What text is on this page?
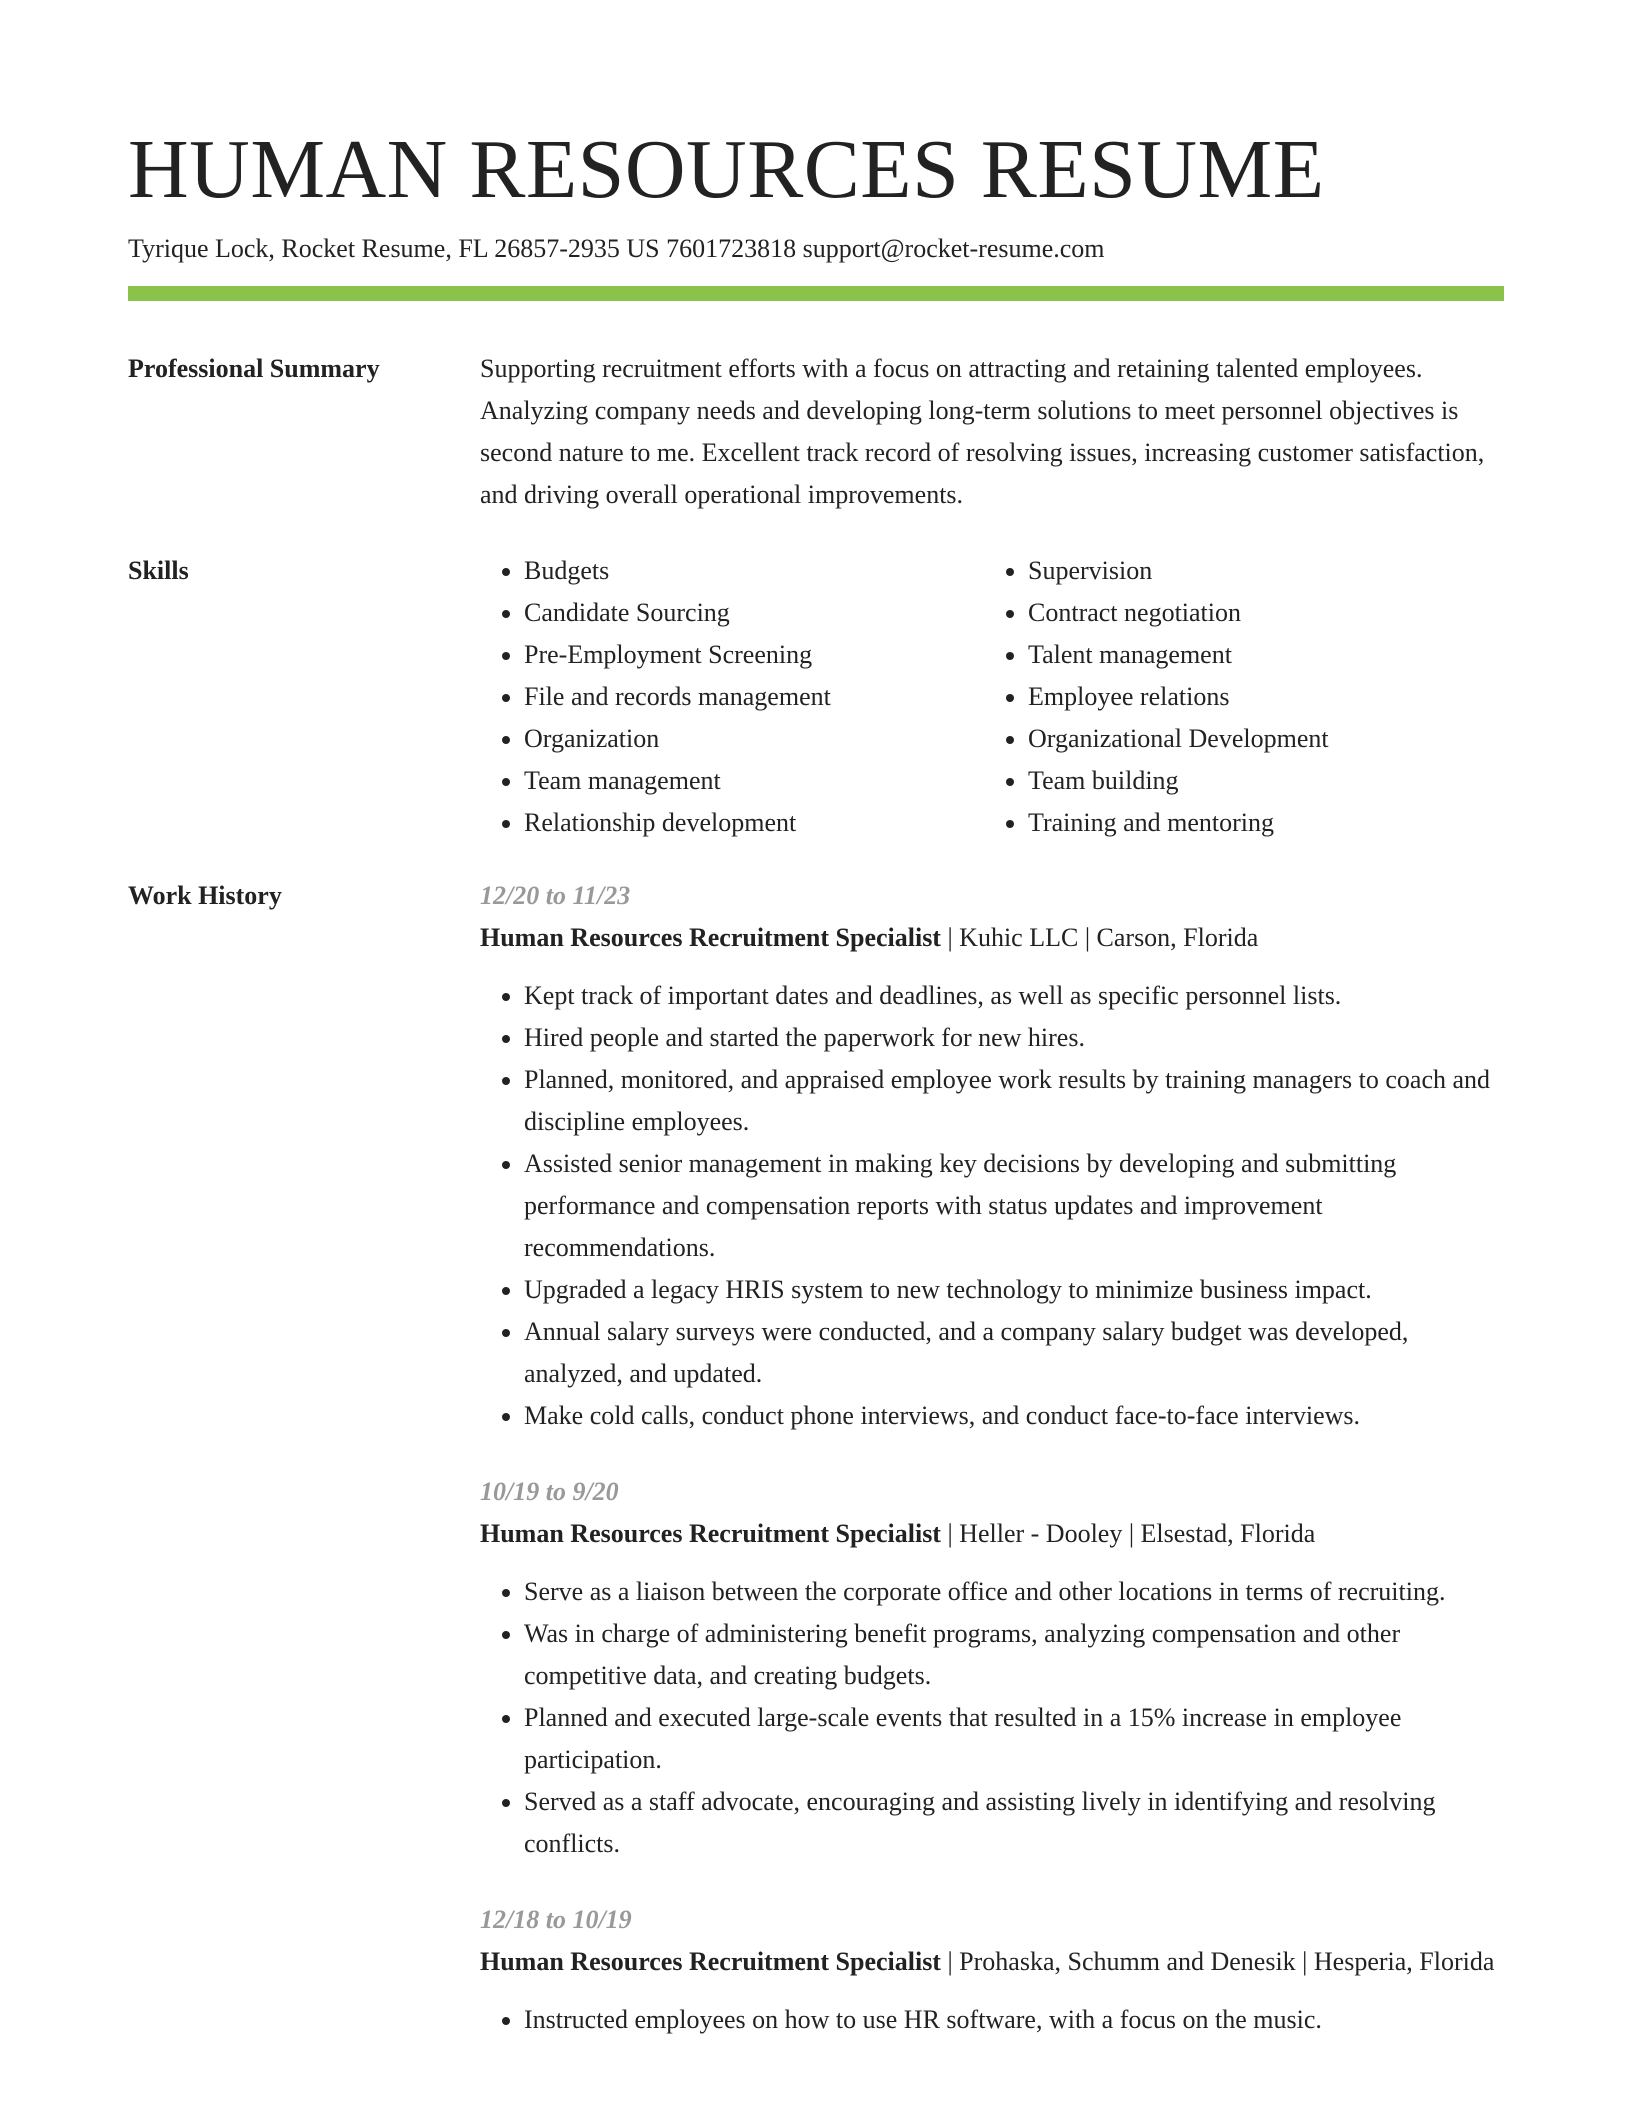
HUMAN RESOURCES RESUME
Tyrique Lock, Rocket Resume, FL 26857-2935 US 7601723818 support@rocket-resume.com
Professional Summary	Supporting recruitment efforts with a focus on attracting and retaining talented employees. Analyzing company needs and developing long-term solutions to meet personnel objectives is second nature to me. Excellent track record of resolving issues, increasing customer satisfaction, and driving overall operational improvements.

Skills
•	Budgets
• Candidate Sourcing
• Pre-Employment Screening
• File and records management
• Organization
• Team management
• Relationship development
• Supervision
• Contract negotiation
• Talent management
• Employee relations
• Organizational Development
• Team building
• Training and mentoring
Work History	12/20 to 11/23
Human Resources Recruitment Specialist | Kuhic LLC | Carson, Florida
• Kept track of important dates and deadlines, as well as specific personnel lists.
• Hired people and started the paperwork for new hires.
• Planned, monitored, and appraised employee work results by training managers to coach and discipline employees.
• Assisted senior management in making key decisions by developing and submitting performance and compensation reports with status updates and improvement recommendations.
• Upgraded a legacy HRIS system to new technology to minimize business impact.
• Annual salary surveys were conducted, and a company salary budget was developed, analyzed, and updated.
• Make cold calls, conduct phone interviews, and conduct face-to-face interviews.
10/19 to 9/20
Human Resources Recruitment Specialist | Heller - Dooley | Elsestad, Florida
• Serve as a liaison between the corporate office and other locations in terms of recruiting.
• Was in charge of administering benefit programs, analyzing compensation and other competitive data, and creating budgets.
• Planned and executed large-scale events that resulted in a 15% increase in employee participation.
• Served as a staff advocate, encouraging and assisting lively in identifying and resolving conflicts.
12/18 to 10/19
Human Resources Recruitment Specialist | Prohaska, Schumm and Denesik | Hesperia, Florida
• Instructed employees on how to use HR software, with a focus on the music.
